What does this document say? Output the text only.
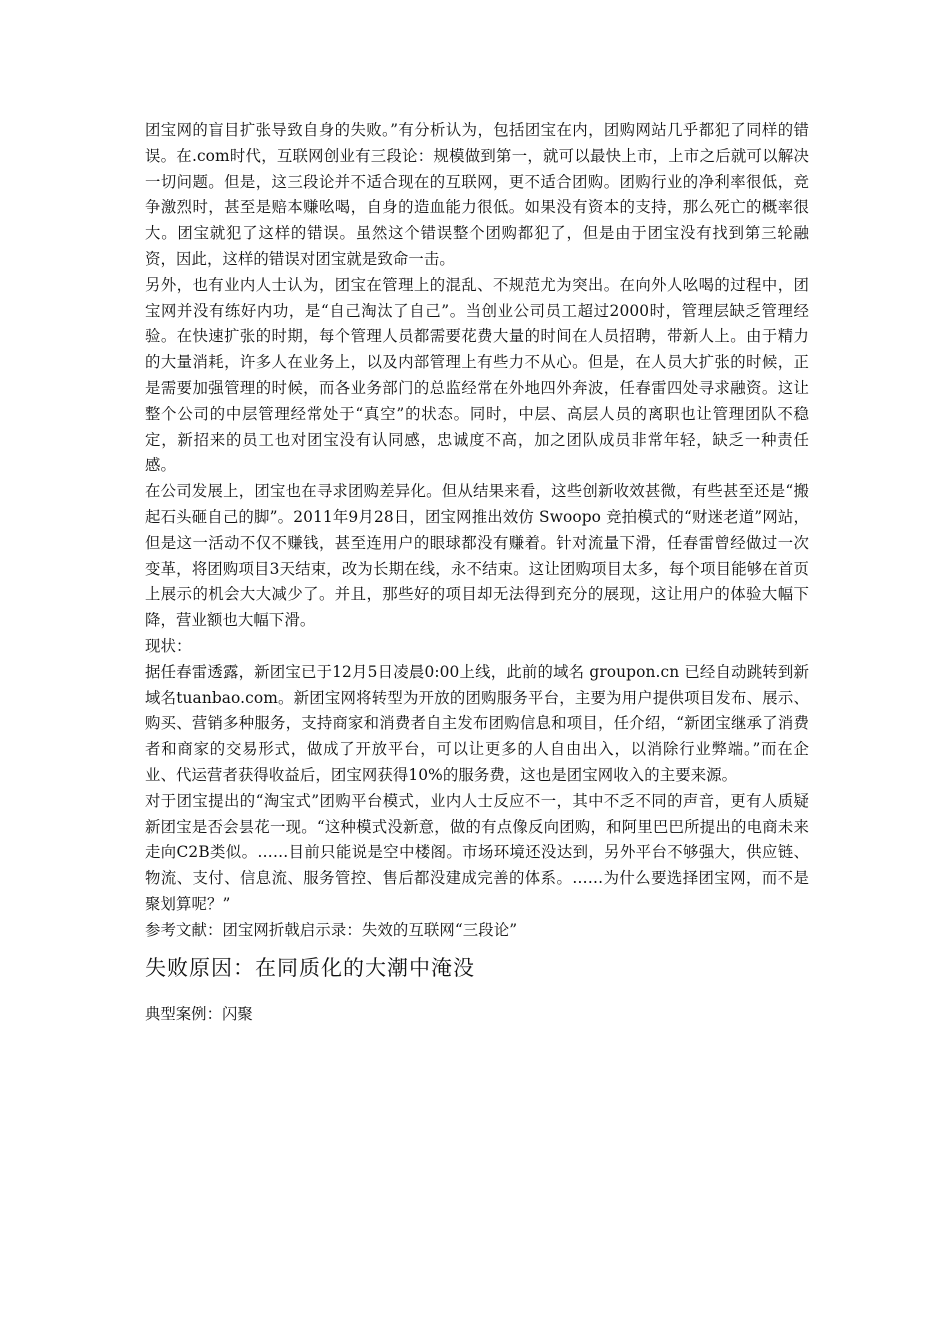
团宝网的盲目扩张导致自身的失败。”有分析认为，包括团宝在内，团购网站几乎都犯了同样的错误。在.com时代，互联网创业有三段论：规模做到第一，就可以最快上市，上市之后就可以解决一切问题。但是，这三段论并不适合现在的互联网，更不适合团购。团购行业的净利率很低，竞争激烈时，甚至是赔本赚吆喝，自身的造血能力很低。如果没有资本的支持，那么死亡的概率很大。团宝就犯了这样的错误。虽然这个错误整个团购都犯了，但是由于团宝没有找到第三轮融资，因此，这样的错误对团宝就是致命一击。

另外，也有业内人士认为，团宝在管理上的混乱、不规范尤为突出。在向外人吆喝的过程中，团宝网并没有练好内功，是“自己淘汰了自己”。当创业公司员工超过2000时，管理层缺乏管理经验。在快速扩张的时期，每个管理人员都需要花费大量的时间在人员招聘，带新人上。由于精力的大量消耗，许多人在业务上，以及内部管理上有些力不从心。但是，在人员大扩张的时候，正是需要加强管理的时候，而各业务部门的总监经常在外地四外奔波，任春雷四处寻求融资。这让整个公司的中层管理经常处于“真空”的状态。同时，中层、高层人员的离职也让管理团队不稳定，新招来的员工也对团宝没有认同感，忠诚度不高，加之团队成员非常年轻，缺乏一种责任感。

在公司发展上，团宝也在寻求团购差异化。但从结果来看，这些创新收效甚微，有些甚至还是“搬起石头砸自己的脚”。2011年9月28日，团宝网推出效仿 Swoopo 竞拍模式的“财迷老道”网站，但是这一活动不仅不赚钱，甚至连用户的眼球都没有赚着。针对流量下滑，任春雷曾经做过一次变革，将团购项目3天结束，改为长期在线，永不结束。这让团购项目太多，每个项目能够在首页上展示的机会大大减少了。并且，那些好的项目却无法得到充分的展现，这让用户的体验大幅下降，营业额也大幅下滑。

现状：

据任春雷透露，新团宝已于12月5日凌晨0:00上线，此前的域名 groupon.cn 已经自动跳转到新域名tuanbao.com。新团宝网将转型为开放的团购服务平台，主要为用户提供项目发布、展示、购买、营销多种服务，支持商家和消费者自主发布团购信息和项目，任介绍，“新团宝继承了消费者和商家的交易形式，做成了开放平台，可以让更多的人自由出入，以消除行业弊端。”而在企业、代运营者获得收益后，团宝网获得10%的服务费，这也是团宝网收入的主要来源。

对于团宝提出的“淘宝式”团购平台模式，业内人士反应不一，其中不乏不同的声音，更有人质疑新团宝是否会昙花一现。“这种模式没新意，做的有点像反向团购，和阿里巴巴所提出的电商未来走向C2B类似。……目前只能说是空中楼阁。市场环境还没达到，另外平台不够强大，供应链、物流、支付、信息流、服务管控、售后都没建成完善的体系。……为什么要选择团宝网，而不是聚划算呢？”

参考文献：团宝网折戟启示录：失效的互联网“三段论”

失败原因：在同质化的大潮中淹没

典型案例：闪聚
